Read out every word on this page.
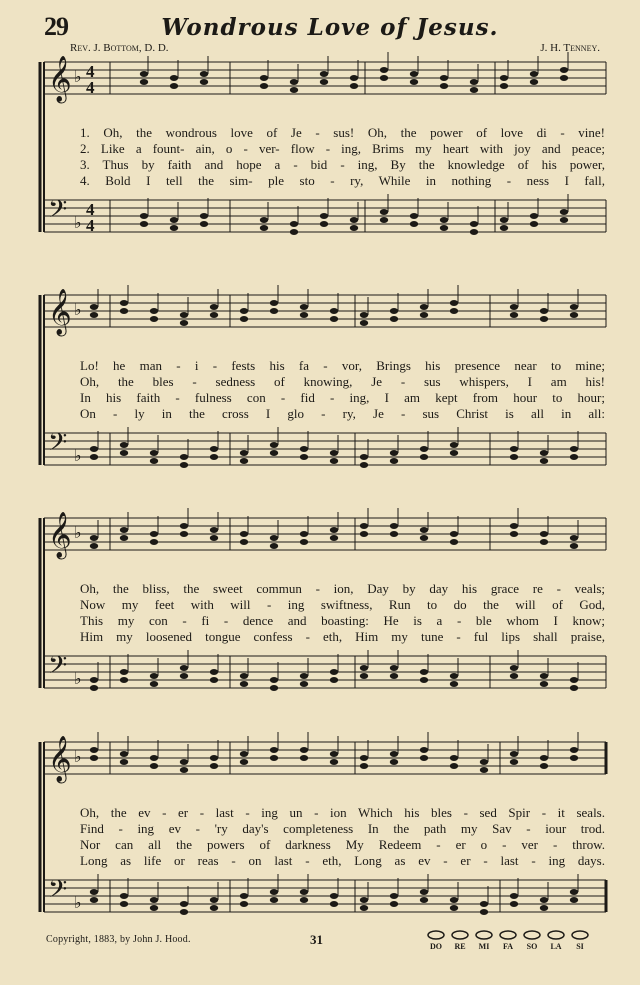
29	Wondrous Love of Jesus.
Rev. J. Bottom, D. D.	J. H. Tenney.
𝄞
𝄢
♭
♭
4
4
4
4
1. Oh, the wondrous love of Je - sus! Oh, the power of love di - vine!
2. Like a fount- ain, o - ver- flow - ing, Brims my heart with joy and peace;
3. Thus by faith and hope a - bid - ing, By the knowledge of his power,
4. Bold I tell the sim- ple sto - ry, While in nothing - ness I fall,
𝄞
𝄢
♭
♭
Lo! he man - i - fests his fa - vor, Brings his presence near to mine;
Oh, the bles - sedness of knowing, Je - sus whispers, I am his!
In his faith - fulness con - fid - ing, I am kept from hour to hour;
On - ly in the cross I glo - ry, Je - sus Christ is all in all:
𝄞
𝄢
♭
♭
Oh, the bliss, the sweet commun - ion, Day by day his grace re - veals;
Now my feet with will - ing swiftness, Run to do the will of God,
This my con - fi - dence and boasting: He is a - ble whom I know;
Him my loosened tongue confess - eth, Him my tune - ful lips shall praise,
𝄞
𝄢
♭
♭
Oh, the ev - er - last - ing un - ion Which his bles - sed Spir - it seals.
Find - ing ev - 'ry day's completeness In the path my Sav - iour trod.
Nor can all the powers of darkness My Redeem - er o - ver - throw.
Long as life or reas - on last - eth, Long as ev - er - last - ing days.
Copyright, 1883, by John J. Hood.	31	DO	RE	MI	FA	SO	LA	SI
